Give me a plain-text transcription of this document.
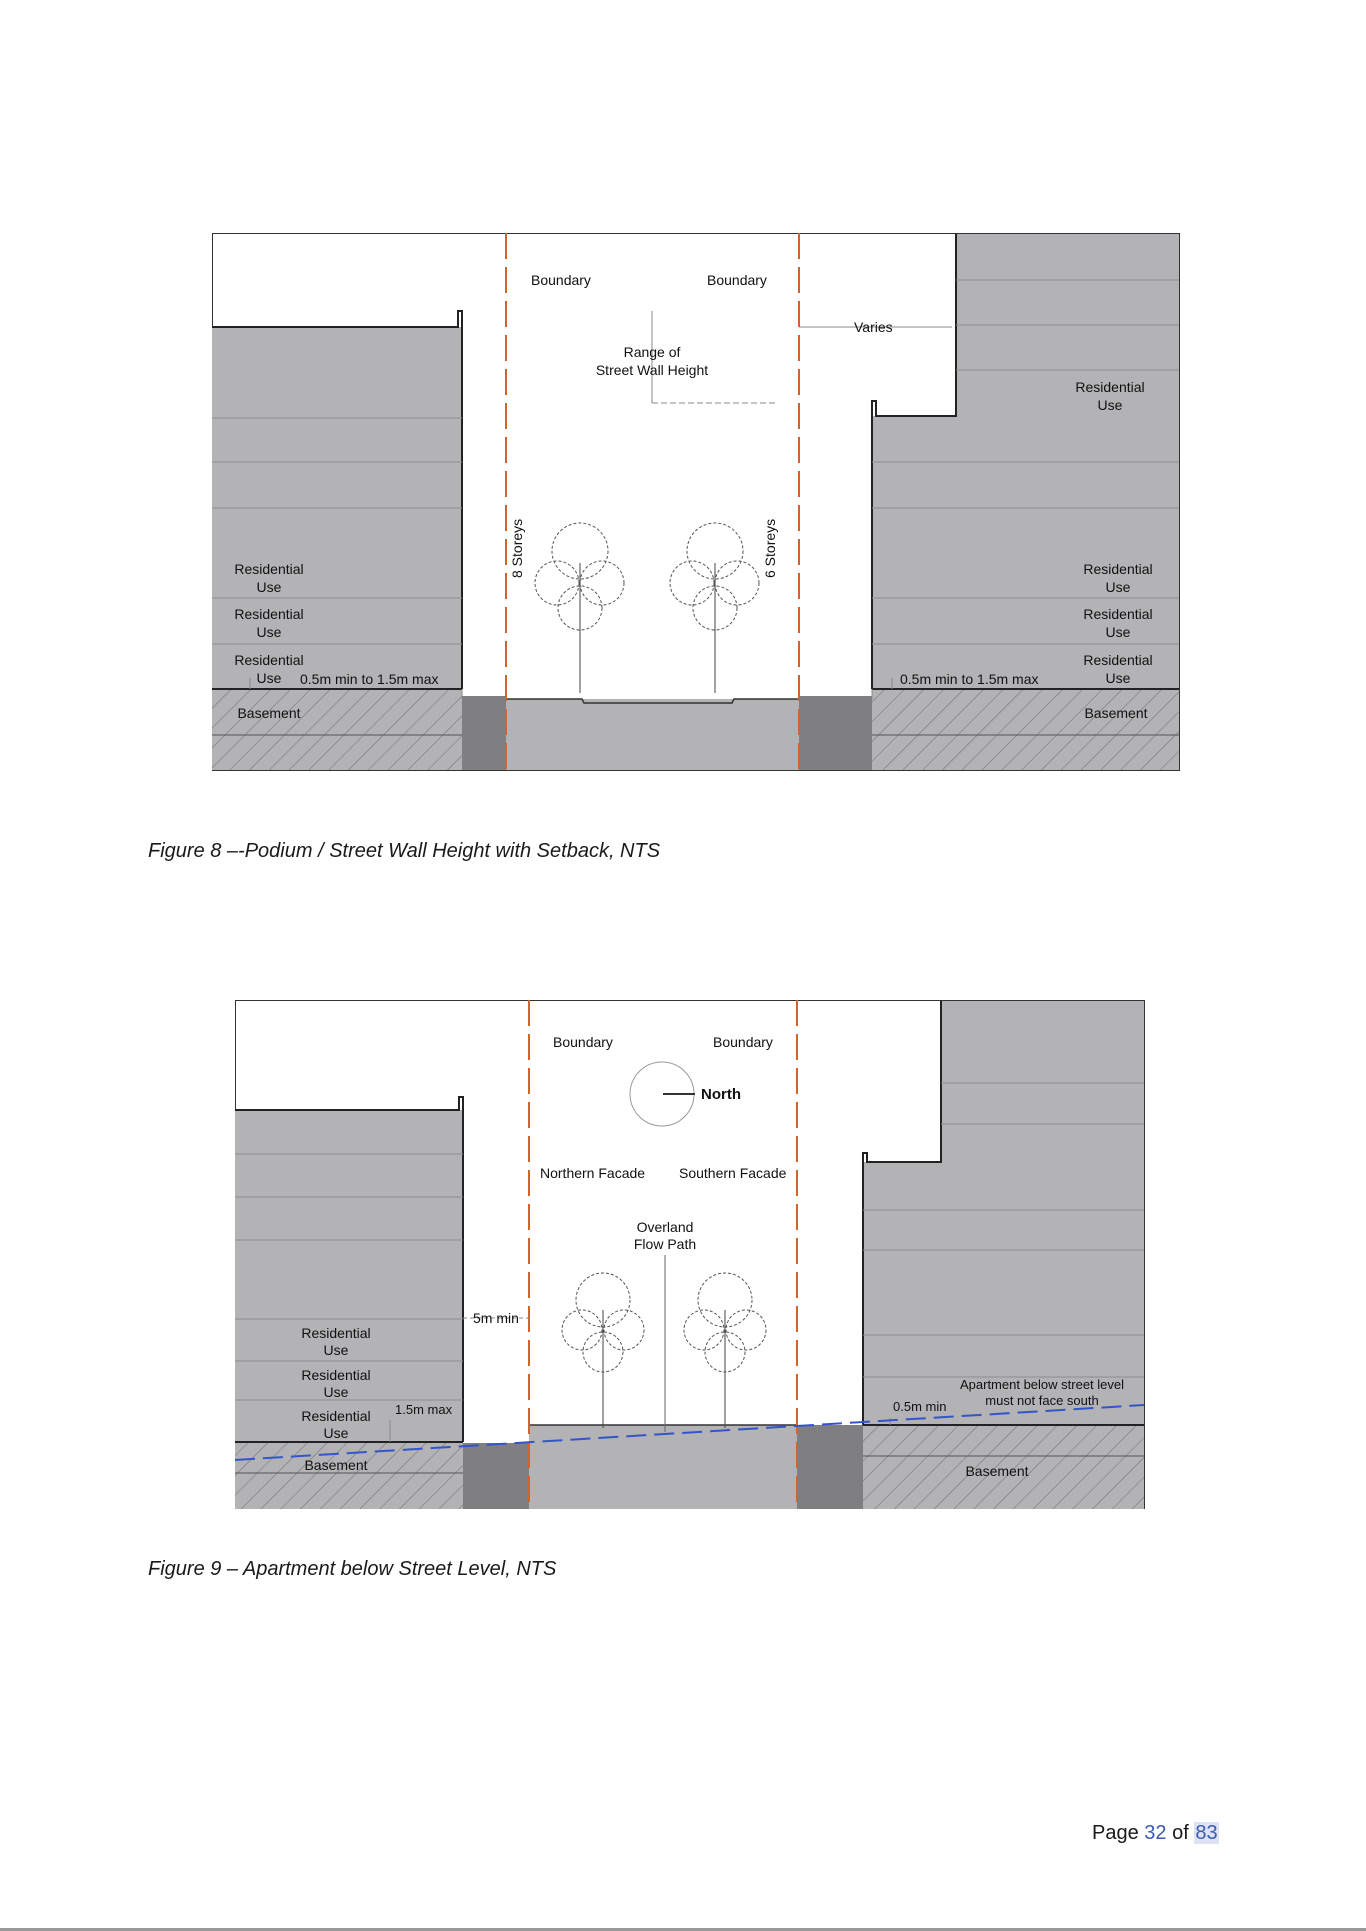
Boundary	Boundary
Varies
Range of
Street Wall Height
8 Storeys	6 Storeys
Residential
Use
Residential
Use
Residential
Use
Residential
Use
Residential
Use
Residential
Use
Residential
Use
0.5m min to 1.5m max	0.5m min to 1.5m max
Basement	Basement
Figure 8 –-Podium / Street Wall Height with Setback, NTS
Boundary	Boundary
North
Northern Facade Southern Facade
Overland
Flow Path
5m min
Residential
Use
Residential
Use
Residential
Use
1.5m max	0.5m min
Apartment below street level
must not face south
Basement	Basement
Figure 9 – Apartment below Street Level, NTS
Page 32 of 83
